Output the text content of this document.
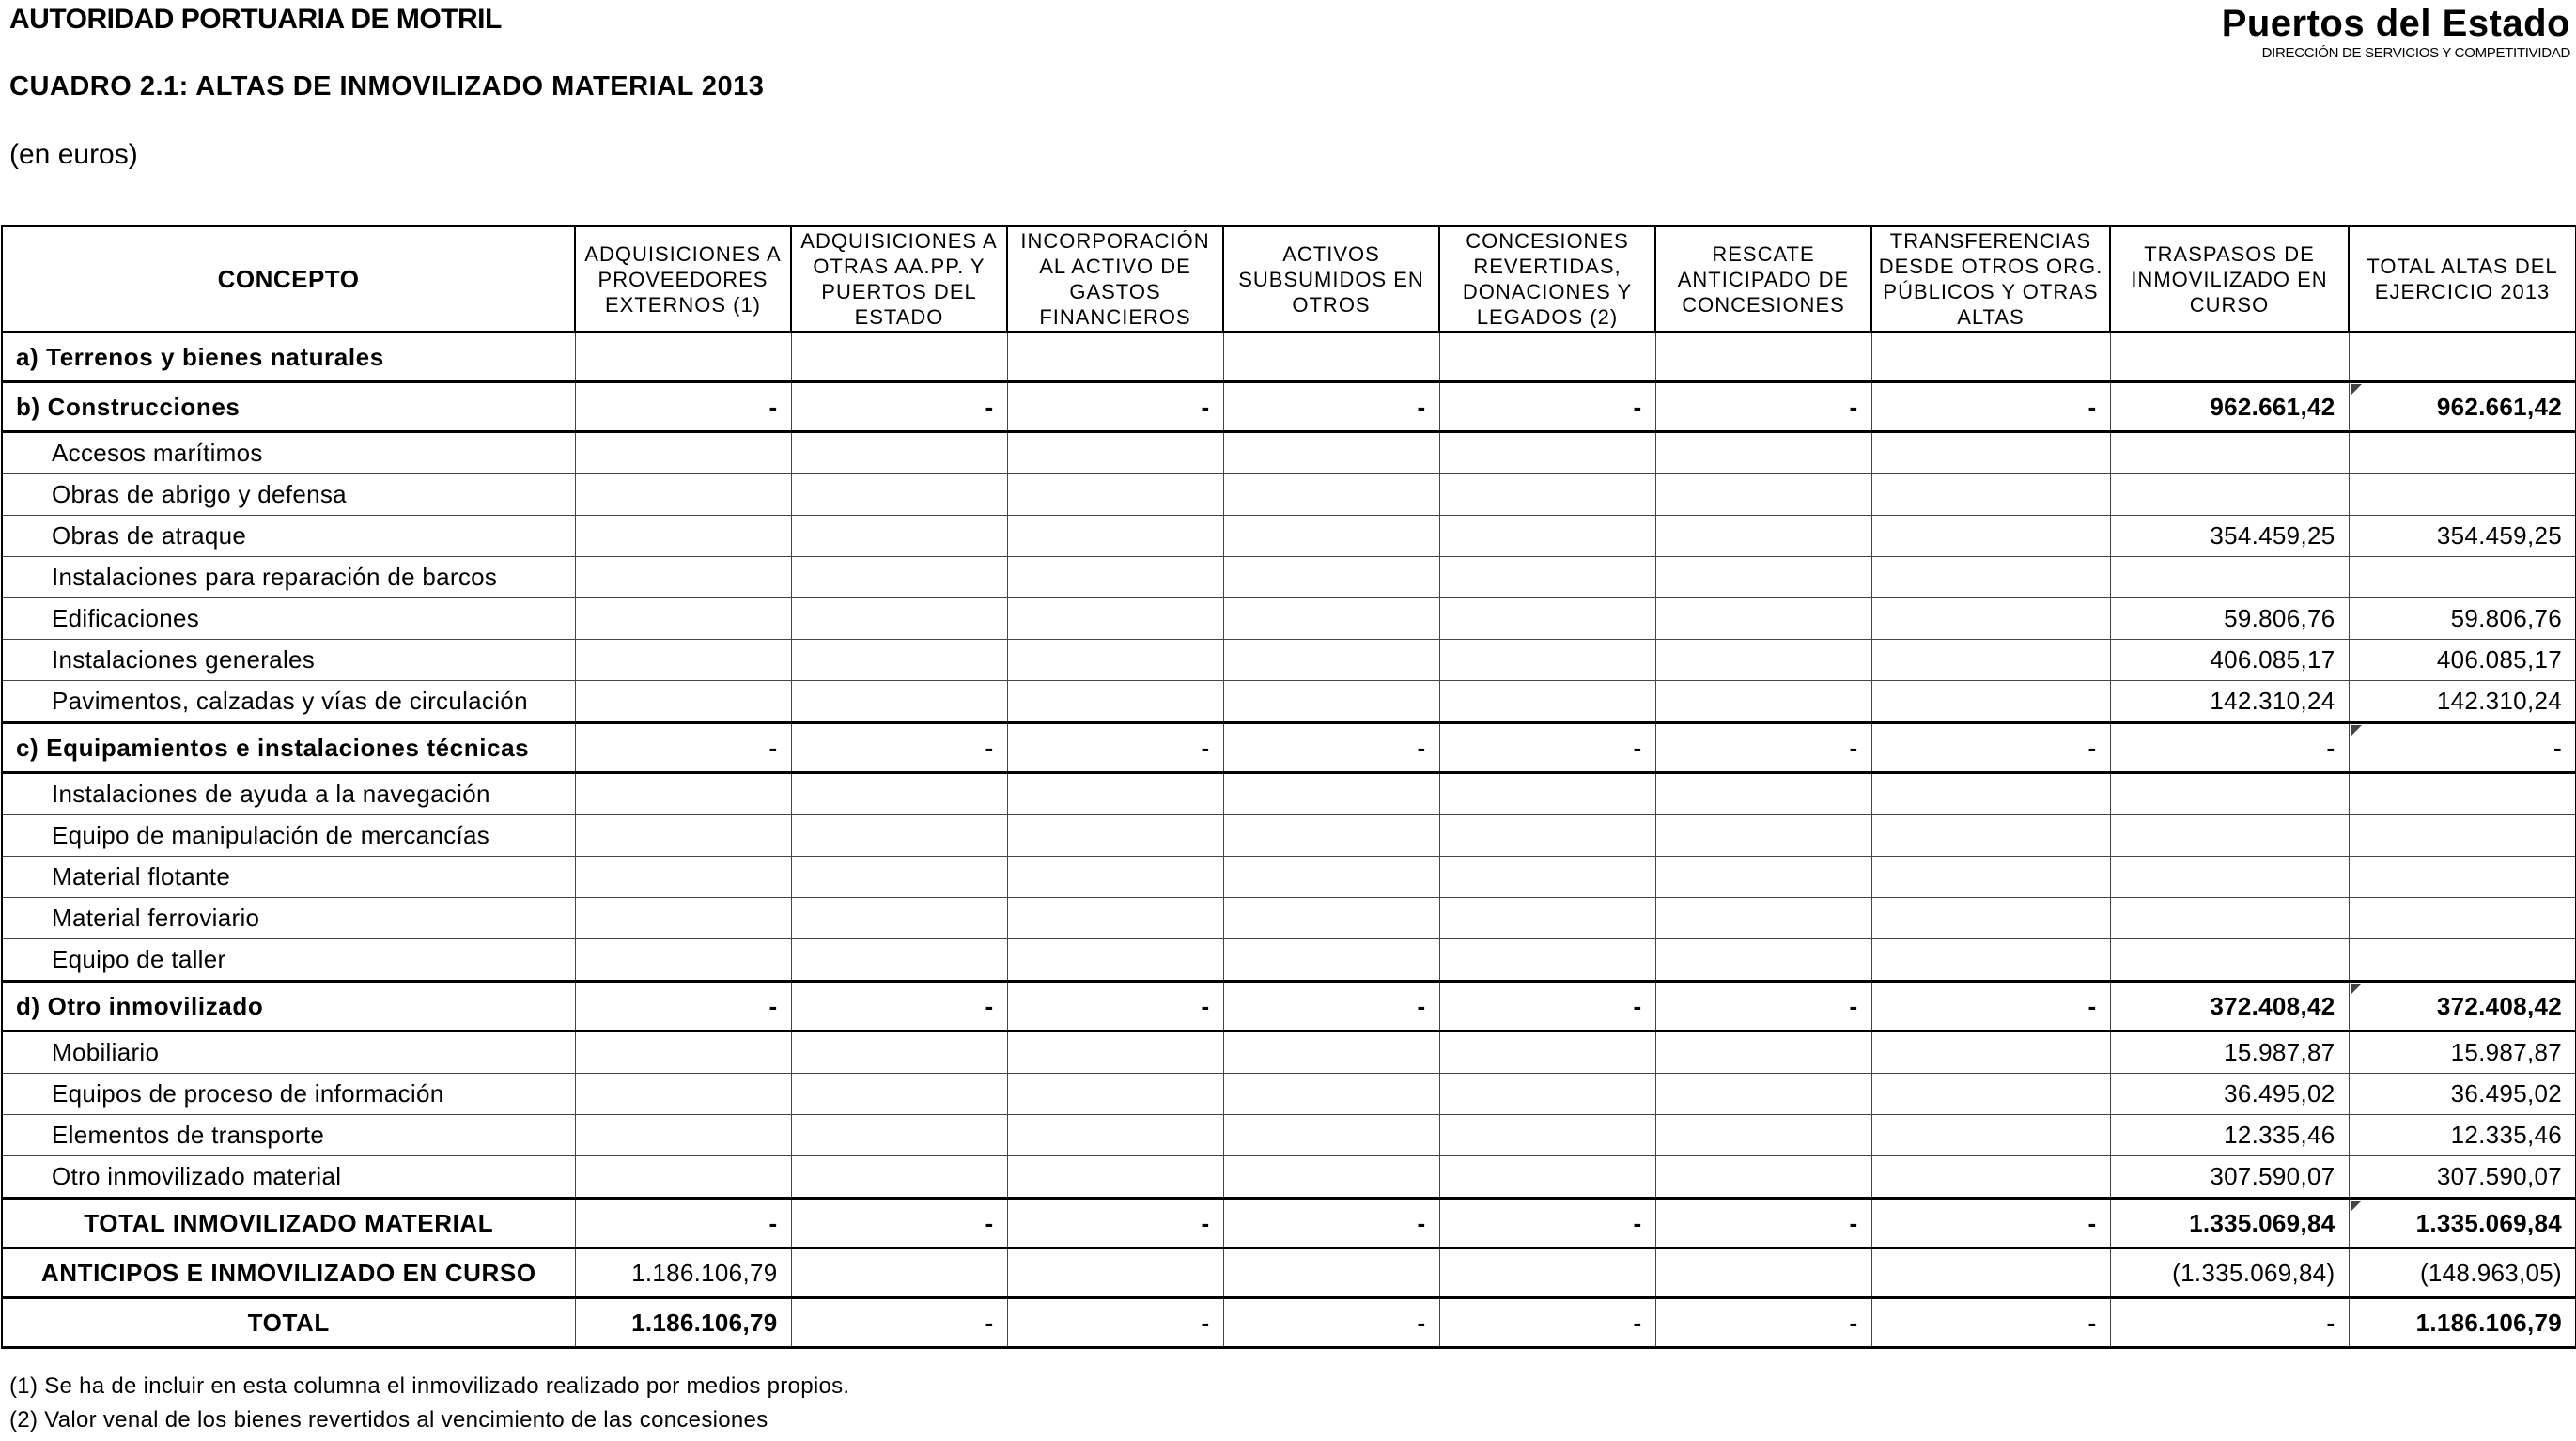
AUTORIDAD PORTUARIA DE MOTRIL
CUADRO 2.1: ALTAS DE INMOVILIZADO MATERIAL 2013
(en euros)
Puertos del Estado
DIRECCIÓN DE SERVICIOS Y COMPETITIVIDAD
CONCEPTO	ADQUISICIONES A PROVEEDORES EXTERNOS (1)	ADQUISICIONES A OTRAS AA.PP. Y PUERTOS DEL ESTADO	INCORPORACIÓN AL ACTIVO DE GASTOS FINANCIEROS	ACTIVOS SUBSUMIDOS EN OTROS	CONCESIONES REVERTIDAS, DONACIONES Y LEGADOS (2)	RESCATE ANTICIPADO DE CONCESIONES	TRANSFERENCIAS DESDE OTROS ORG. PÚBLICOS Y OTRAS ALTAS	TRASPASOS DE INMOVILIZADO EN CURSO	TOTAL ALTAS DEL EJERCICIO 2013

a) Terrenos y bienes naturales									
b) Construcciones	-	-	-	-	-	-	-	962.661,42	962.661,42
Accesos marítimos									
Obras de abrigo y defensa									
Obras de atraque								354.459,25	354.459,25
Instalaciones para reparación de barcos									
Edificaciones								59.806,76	59.806,76
Instalaciones generales								406.085,17	406.085,17
Pavimentos, calzadas y vías de circulación								142.310,24	142.310,24
c) Equipamientos e instalaciones técnicas	-	-	-	-	-	-	-	-	-
Instalaciones de ayuda a la navegación									
Equipo de manipulación de mercancías									
Material flotante									
Material ferroviario									
Equipo de taller									
d) Otro inmovilizado	-	-	-	-	-	-	-	372.408,42	372.408,42
Mobiliario								15.987,87	15.987,87
Equipos de proceso de información								36.495,02	36.495,02
Elementos de transporte								12.335,46	12.335,46
Otro inmovilizado material								307.590,07	307.590,07
TOTAL INMOVILIZADO MATERIAL	-	-	-	-	-	-	-	1.335.069,84	1.335.069,84
ANTICIPOS E INMOVILIZADO EN CURSO	1.186.106,79							(1.335.069,84)	(148.963,05)
TOTAL	1.186.106,79	-	-	-	-	-	-	-	1.186.106,79
(1) Se ha de incluir en esta columna el inmovilizado realizado por medios propios.
(2) Valor venal de los bienes revertidos al vencimiento de las concesiones
